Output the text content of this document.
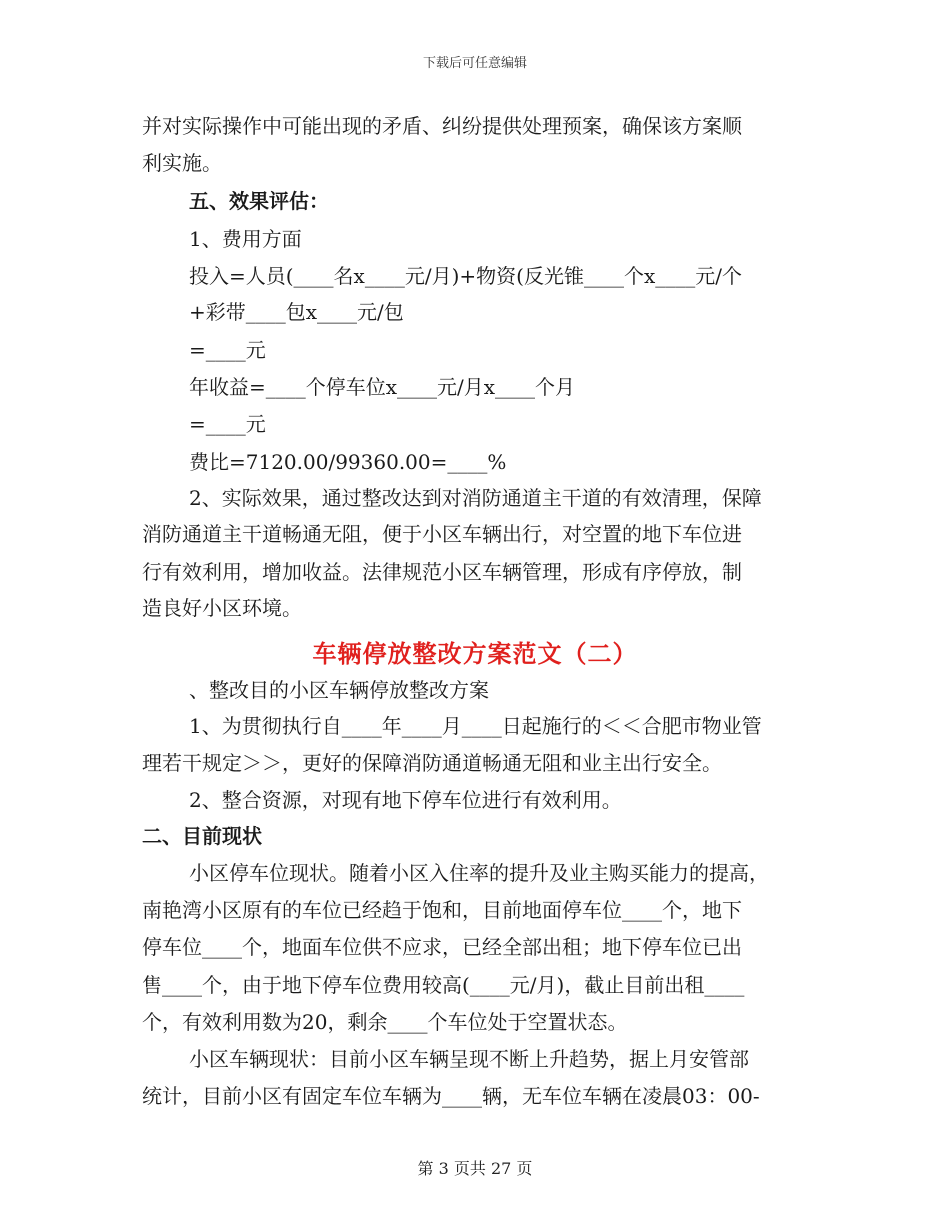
下载后可任意编辑
并对实际操作中可能出现的矛盾、纠纷提供处理预案，确保该方案顺
利实施。
五、效果评估：
1、费用方面
投入=人员(____名x____元/月)+物资(反光锥____个x____元/个
+彩带____包x____元/包
=____元
年收益=____个停车位x____元/月x____个月
=____元
费比=7120.00/99360.00=____%
2、实际效果，通过整改达到对消防通道主干道的有效清理，保障
消防通道主干道畅通无阻，便于小区车辆出行，对空置的地下车位进
行有效利用，增加收益。法律规范小区车辆管理，形成有序停放，制
造良好小区环境。
车辆停放整改方案范文（二）
、整改目的小区车辆停放整改方案
1、为贯彻执行自____年____月____日起施行的＜＜合肥市物业管
理若干规定＞＞，更好的保障消防通道畅通无阻和业主出行安全。
2、整合资源，对现有地下停车位进行有效利用。
二、目前现状
小区停车位现状。随着小区入住率的提升及业主购买能力的提高，
南艳湾小区原有的车位已经趋于饱和，目前地面停车位____个，地下
停车位____个，地面车位供不应求，已经全部出租；地下停车位已出
售____个，由于地下停车位费用较高(____元/月)，截止目前出租____
个，有效利用数为20，剩余____个车位处于空置状态。
小区车辆现状：目前小区车辆呈现不断上升趋势，据上月安管部
统计，目前小区有固定车位车辆为____辆，无车位车辆在凌晨03：00-
第 3 页共 27 页
